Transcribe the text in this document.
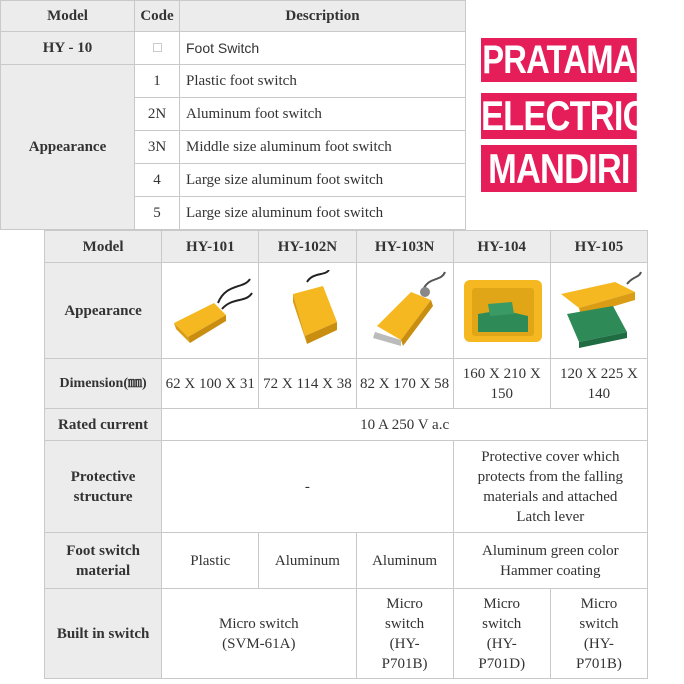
Model	Code	Description
HY - 10		Foot Switch
Appearance	1	Plastic foot switch
	2N	Aluminum foot switch
	3N	Middle size aluminum foot switch
	4	Large size aluminum foot switch
	5	Large size aluminum foot switch
PRATAMA
ELECTRIC
MANDIRI
Model	HY-101	HY-102N	HY-103N	HY-104	HY-105
Appearance	

Dimension(㎜)	62 X 100 X 31	72 X 114 X 38	82 X 170 X 58	160 X 210 X 150	120 X 225 X 140
Rated current	10 A 250 V a.c				
Protective structure	-			Protective cover which protects from the falling materials and attached Latch lever	
Foot switch material	Plastic	Aluminum	Aluminum	Aluminum green color Hammer coating	
Built in switch	Micro switch (SVM-61A)		Micro switch (HY-P701B)	Micro switch (HY-P701D)	Micro switch (HY-P701B)
